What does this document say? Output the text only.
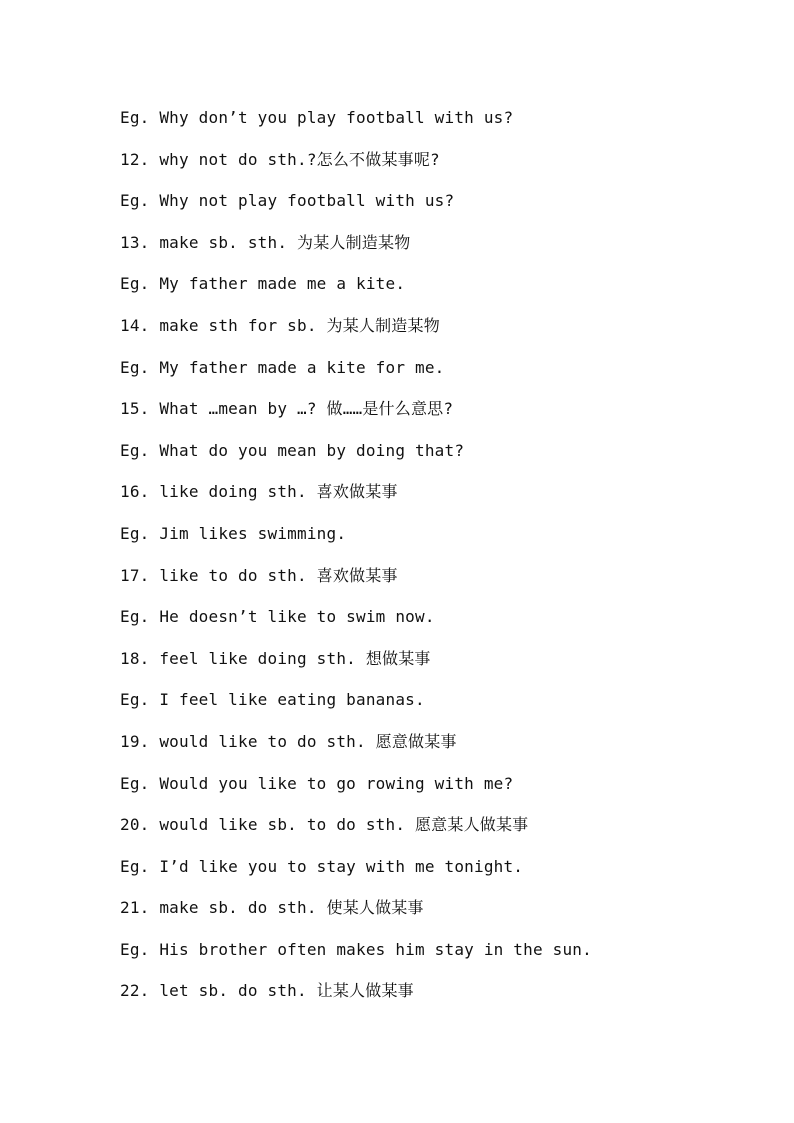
Eg. Why don’t you play football with us?
12. why not do sth.?怎么不做某事呢?
Eg. Why not play football with us?
13. make sb. sth. 为某人制造某物
Eg. My father made me a kite.
14. make sth for sb. 为某人制造某物
Eg. My father made a kite for me.
15. What …mean by …? 做……是什么意思?
Eg. What do you mean by doing that?
16. like doing sth. 喜欢做某事
Eg. Jim likes swimming.
17. like to do sth. 喜欢做某事
Eg. He doesn’t like to swim now.
18. feel like doing sth. 想做某事
Eg. I feel like eating bananas.
19. would like to do sth. 愿意做某事
Eg. Would you like to go rowing with me?
20. would like sb. to do sth. 愿意某人做某事
Eg. I’d like you to stay with me tonight.
21. make sb. do sth. 使某人做某事
Eg. His brother often makes him stay in the sun.
22. let sb. do sth. 让某人做某事
